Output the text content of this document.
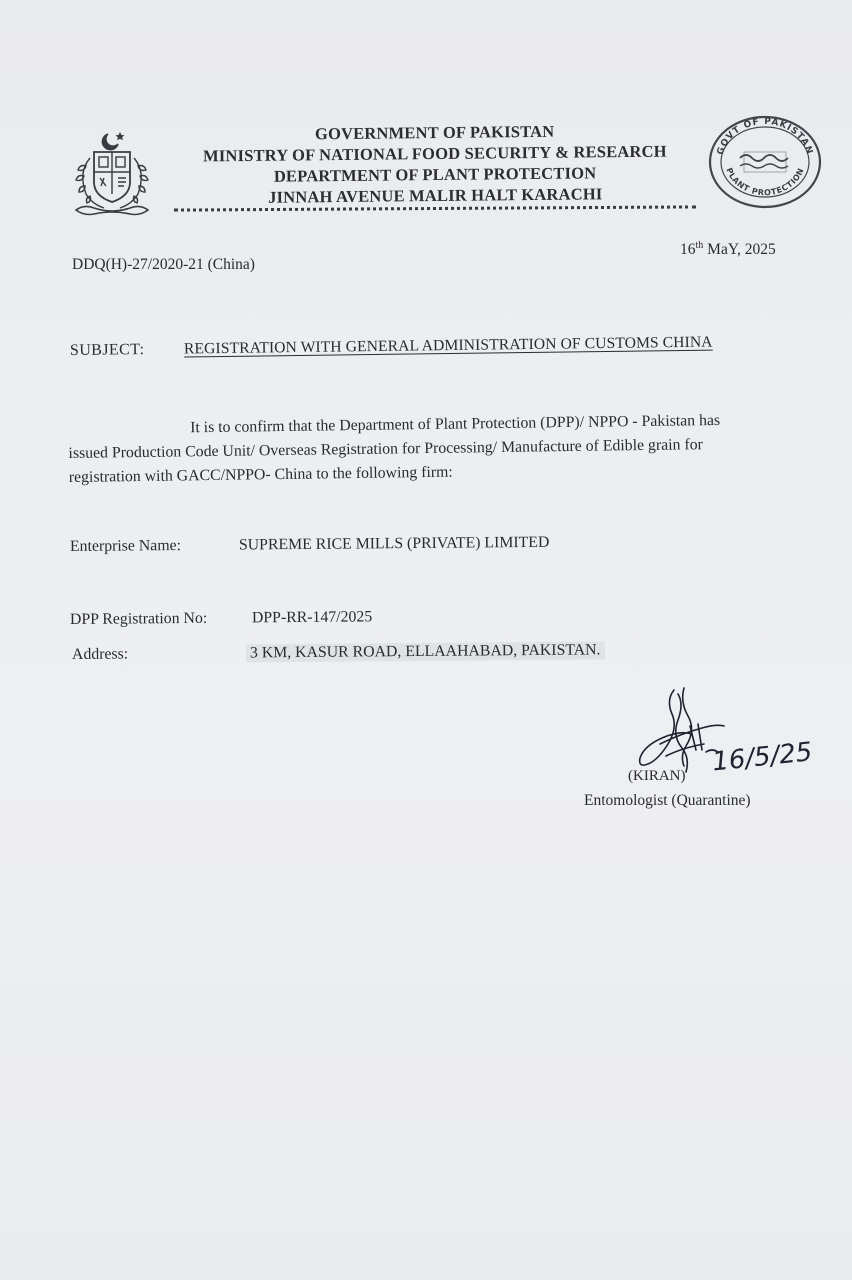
GOVERNMENT OF PAKISTAN
MINISTRY OF NATIONAL FOOD SECURITY & RESEARCH
DEPARTMENT OF PLANT PROTECTION
JINNAH AVENUE MALIR HALT KARACHI
GOVT OF PAKISTAN
PLANT PROTECTION
DDQ(H)-27/2020-21 (China)
16th MaY, 2025
SUBJECT:	REGISTRATION WITH GENERAL ADMINISTRATION OF CUSTOMS CHINA
It is to confirm that the Department of Plant Protection (DPP)/ NPPO - Pakistan has
issued Production Code Unit/ Overseas Registration for Processing/ Manufacture of Edible grain for
registration with GACC/NPPO- China to the following firm:
Enterprise Name:	SUPREME RICE MILLS (PRIVATE) LIMITED
DPP Registration No:	DPP-RR-147/2025
Address:	3 KM, KASUR ROAD, ELLAAHABAD, PAKISTAN.
16/5/25
(KIRAN)
Entomologist (Quarantine)
